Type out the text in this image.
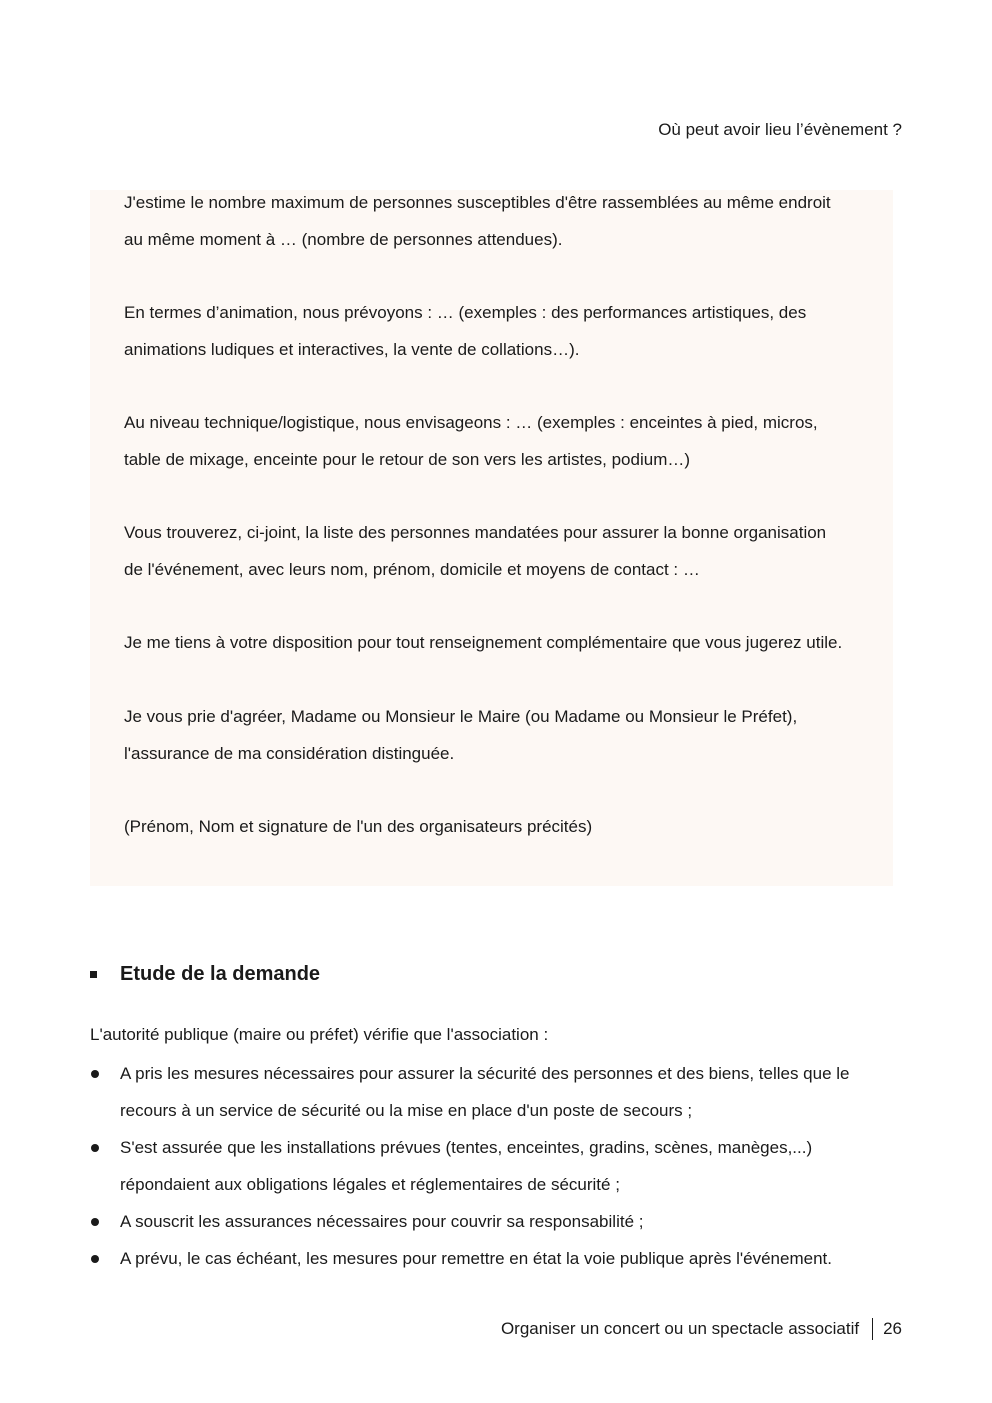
Où peut avoir lieu l’évènement ?

J'estime le nombre maximum de personnes susceptibles d'être rassemblées au même endroit
au même moment à … (nombre de personnes attendues).

En termes d’animation, nous prévoyons : … (exemples : des performances artistiques, des
animations ludiques et interactives, la vente de collations…).

Au niveau technique/logistique, nous envisageons : … (exemples : enceintes à pied, micros,
table de mixage, enceinte pour le retour de son vers les artistes, podium…)

Vous trouverez, ci-joint, la liste des personnes mandatées pour assurer la bonne organisation
de l'événement, avec leurs nom, prénom, domicile et moyens de contact : …

Je me tiens à votre disposition pour tout renseignement complémentaire que vous jugerez utile.

Je vous prie d'agréer, Madame ou Monsieur le Maire (ou Madame ou Monsieur le Préfet),
l'assurance de ma considération distinguée.

(Prénom, Nom et signature de l'un des organisateurs précités)

Etude de la demande
L'autorité publique (maire ou préfet) vérifie que l'association :
A pris les mesures nécessaires pour assurer la sécurité des personnes et des biens, telles que le
recours à un service de sécurité ou la mise en place d'un poste de secours ;
S'est assurée que les installations prévues (tentes, enceintes, gradins, scènes, manèges,...)
répondaient aux obligations légales et réglementaires de sécurité ;
A souscrit les assurances nécessaires pour couvrir sa responsabilité ;
A prévu, le cas échéant, les mesures pour remettre en état la voie publique après l'événement.
Organiser un concert ou un spectacle associatif 26
